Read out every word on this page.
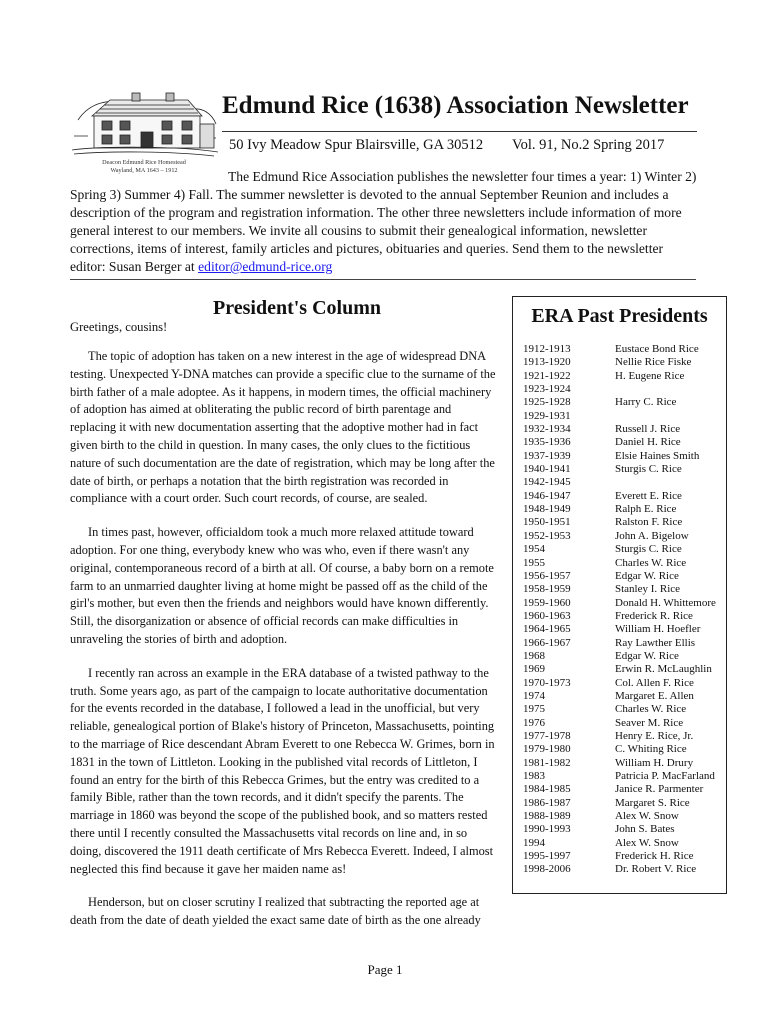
Deacon Edmund Rice Homestead
Wayland, MA 1643 – 1912
Edmund Rice (1638) Association Newsletter
50 Ivy Meadow Spur Blairsville, GA 30512 Vol. 91, No.2 Spring 2017
The Edmund Rice Association publishes the newsletter four times a year: 1) Winter 2) Spring 3) Summer 4) Fall. The summer newsletter is devoted to the annual September Reunion and includes a description of the program and registration information. The other three newsletters include information of more general interest to our members. We invite all cousins to submit their genealogical information, newsletter corrections, items of interest, family articles and pictures, obituaries and queries. Send them to the newsletter editor: Susan Berger at editor@edmund-rice.org
President's Column
Greetings, cousins!

The topic of adoption has taken on a new interest in the age of widespread DNA testing. Unexpected Y-DNA matches can provide a specific clue to the surname of the birth father of a male adoptee. As it happens, in modern times, the official machinery of adoption has aimed at obliterating the public record of birth parentage and replacing it with new documentation asserting that the adoptive mother had in fact given birth to the child in question. In many cases, the only clues to the fictitious nature of such documentation are the date of registration, which may be long after the date of birth, or perhaps a notation that the birth registration was recorded in compliance with a court order. Such court records, of course, are sealed.

In times past, however, officialdom took a much more relaxed attitude toward adoption. For one thing, everybody knew who was who, even if there wasn't any original, contemporaneous record of a birth at all. Of course, a baby born on a remote farm to an unmarried daughter living at home might be passed off as the child of the girl's mother, but even then the friends and neighbors would have known differently. Still, the disorganization or absence of official records can make difficulties in unraveling the stories of birth and adoption.

I recently ran across an example in the ERA database of a twisted pathway to the truth. Some years ago, as part of the campaign to locate authoritative documentation for the events recorded in the database, I followed a lead in the unofficial, but very reliable, genealogical portion of Blake's history of Princeton, Massachusetts, pointing to the marriage of Rice descendant Abram Everett to one Rebecca W. Grimes, born in 1831 in the town of Littleton. Looking in the published vital records of Littleton, I found an entry for the birth of this Rebecca Grimes, but the entry was credited to a family Bible, rather than the town records, and it didn't specify the parents. The marriage in 1860 was beyond the scope of the published book, and so matters rested there until I recently consulted the Massachusetts vital records on line and, in so doing, discovered the 1911 death certificate of Mrs Rebecca Everett. Indeed, I almost neglected this find because it gave her maiden name as!

Henderson, but on closer scrutiny I realized that subtracting the reported age at death from the date of death yielded the exact same date of birth as the one already

ERA Past Presidents
1912-1913	Eustace Bond Rice
1913-1920	Nellie Rice Fiske
1921-1922	H. Eugene Rice
1923-1924
1925-1928	Harry C. Rice
1929-1931
1932-1934	Russell J. Rice
1935-1936	Daniel H. Rice
1937-1939	Elsie Haines Smith
1940-1941	Sturgis C. Rice
1942-1945
1946-1947	Everett E. Rice
1948-1949	Ralph E. Rice
1950-1951	Ralston F. Rice
1952-1953	John A. Bigelow
1954	Sturgis C. Rice
1955	Charles W. Rice
1956-1957	Edgar W. Rice
1958-1959	Stanley I. Rice
1959-1960	Donald H. Whittemore
1960-1963	Frederick R. Rice
1964-1965	William H. Hoefler
1966-1967	Ray Lawther Ellis
1968	Edgar W. Rice
1969	Erwin R. McLaughlin
1970-1973	Col. Allen F. Rice
1974	Margaret E. Allen
1975	Charles W. Rice
1976	Seaver M. Rice
1977-1978	Henry E. Rice, Jr.
1979-1980	C. Whiting Rice
1981-1982	William H. Drury
1983	Patricia P. MacFarland
1984-1985	Janice R. Parmenter
1986-1987	Margaret S. Rice
1988-1989	Alex W. Snow
1990-1993	John S. Bates
1994	Alex W. Snow
1995-1997	Frederick H. Rice
1998-2006	Dr. Robert V. Rice
Page 1
